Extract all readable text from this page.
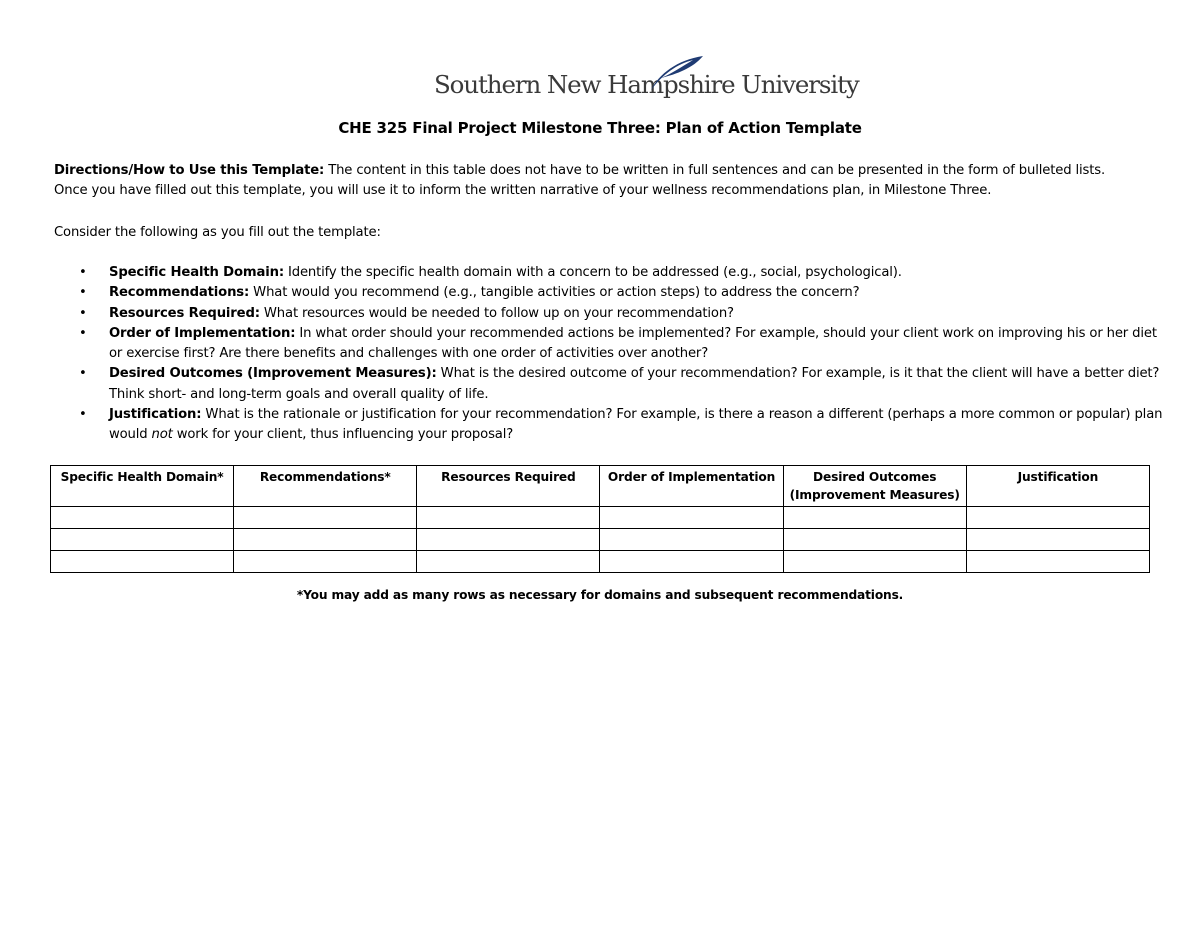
Southern New Hampshire University
CHE 325 Final Project Milestone Three: Plan of Action Template
Directions/How to Use this Template: The content in this table does not have to be written in full sentences and can be presented in the form of bulleted lists.
Once you have filled out this template, you will use it to inform the written narrative of your wellness recommendations plan, in Milestone Three.
Consider the following as you fill out the template:
• Specific Health Domain: Identify the specific health domain with a concern to be addressed (e.g., social, psychological).
• Recommendations: What would you recommend (e.g., tangible activities or action steps) to address the concern?
• Resources Required: What resources would be needed to follow up on your recommendation?
• Order of Implementation: In what order should your recommended actions be implemented? For example, should your client work on improving his or her diet or exercise first? Are there benefits and challenges with one order of activities over another?
• Desired Outcomes (Improvement Measures): What is the desired outcome of your recommendation? For example, is it that the client will have a better diet? Think short- and long-term goals and overall quality of life.
• Justification: What is the rationale or justification for your recommendation? For example, is there a reason a different (perhaps a more common or popular) plan would not work for your client, thus influencing your proposal?
Specific Health Domain*	Recommendations*	Resources Required	Order of Implementation	Desired Outcomes (Improvement Measures)	Justification

*You may add as many rows as necessary for domains and subsequent recommendations.
